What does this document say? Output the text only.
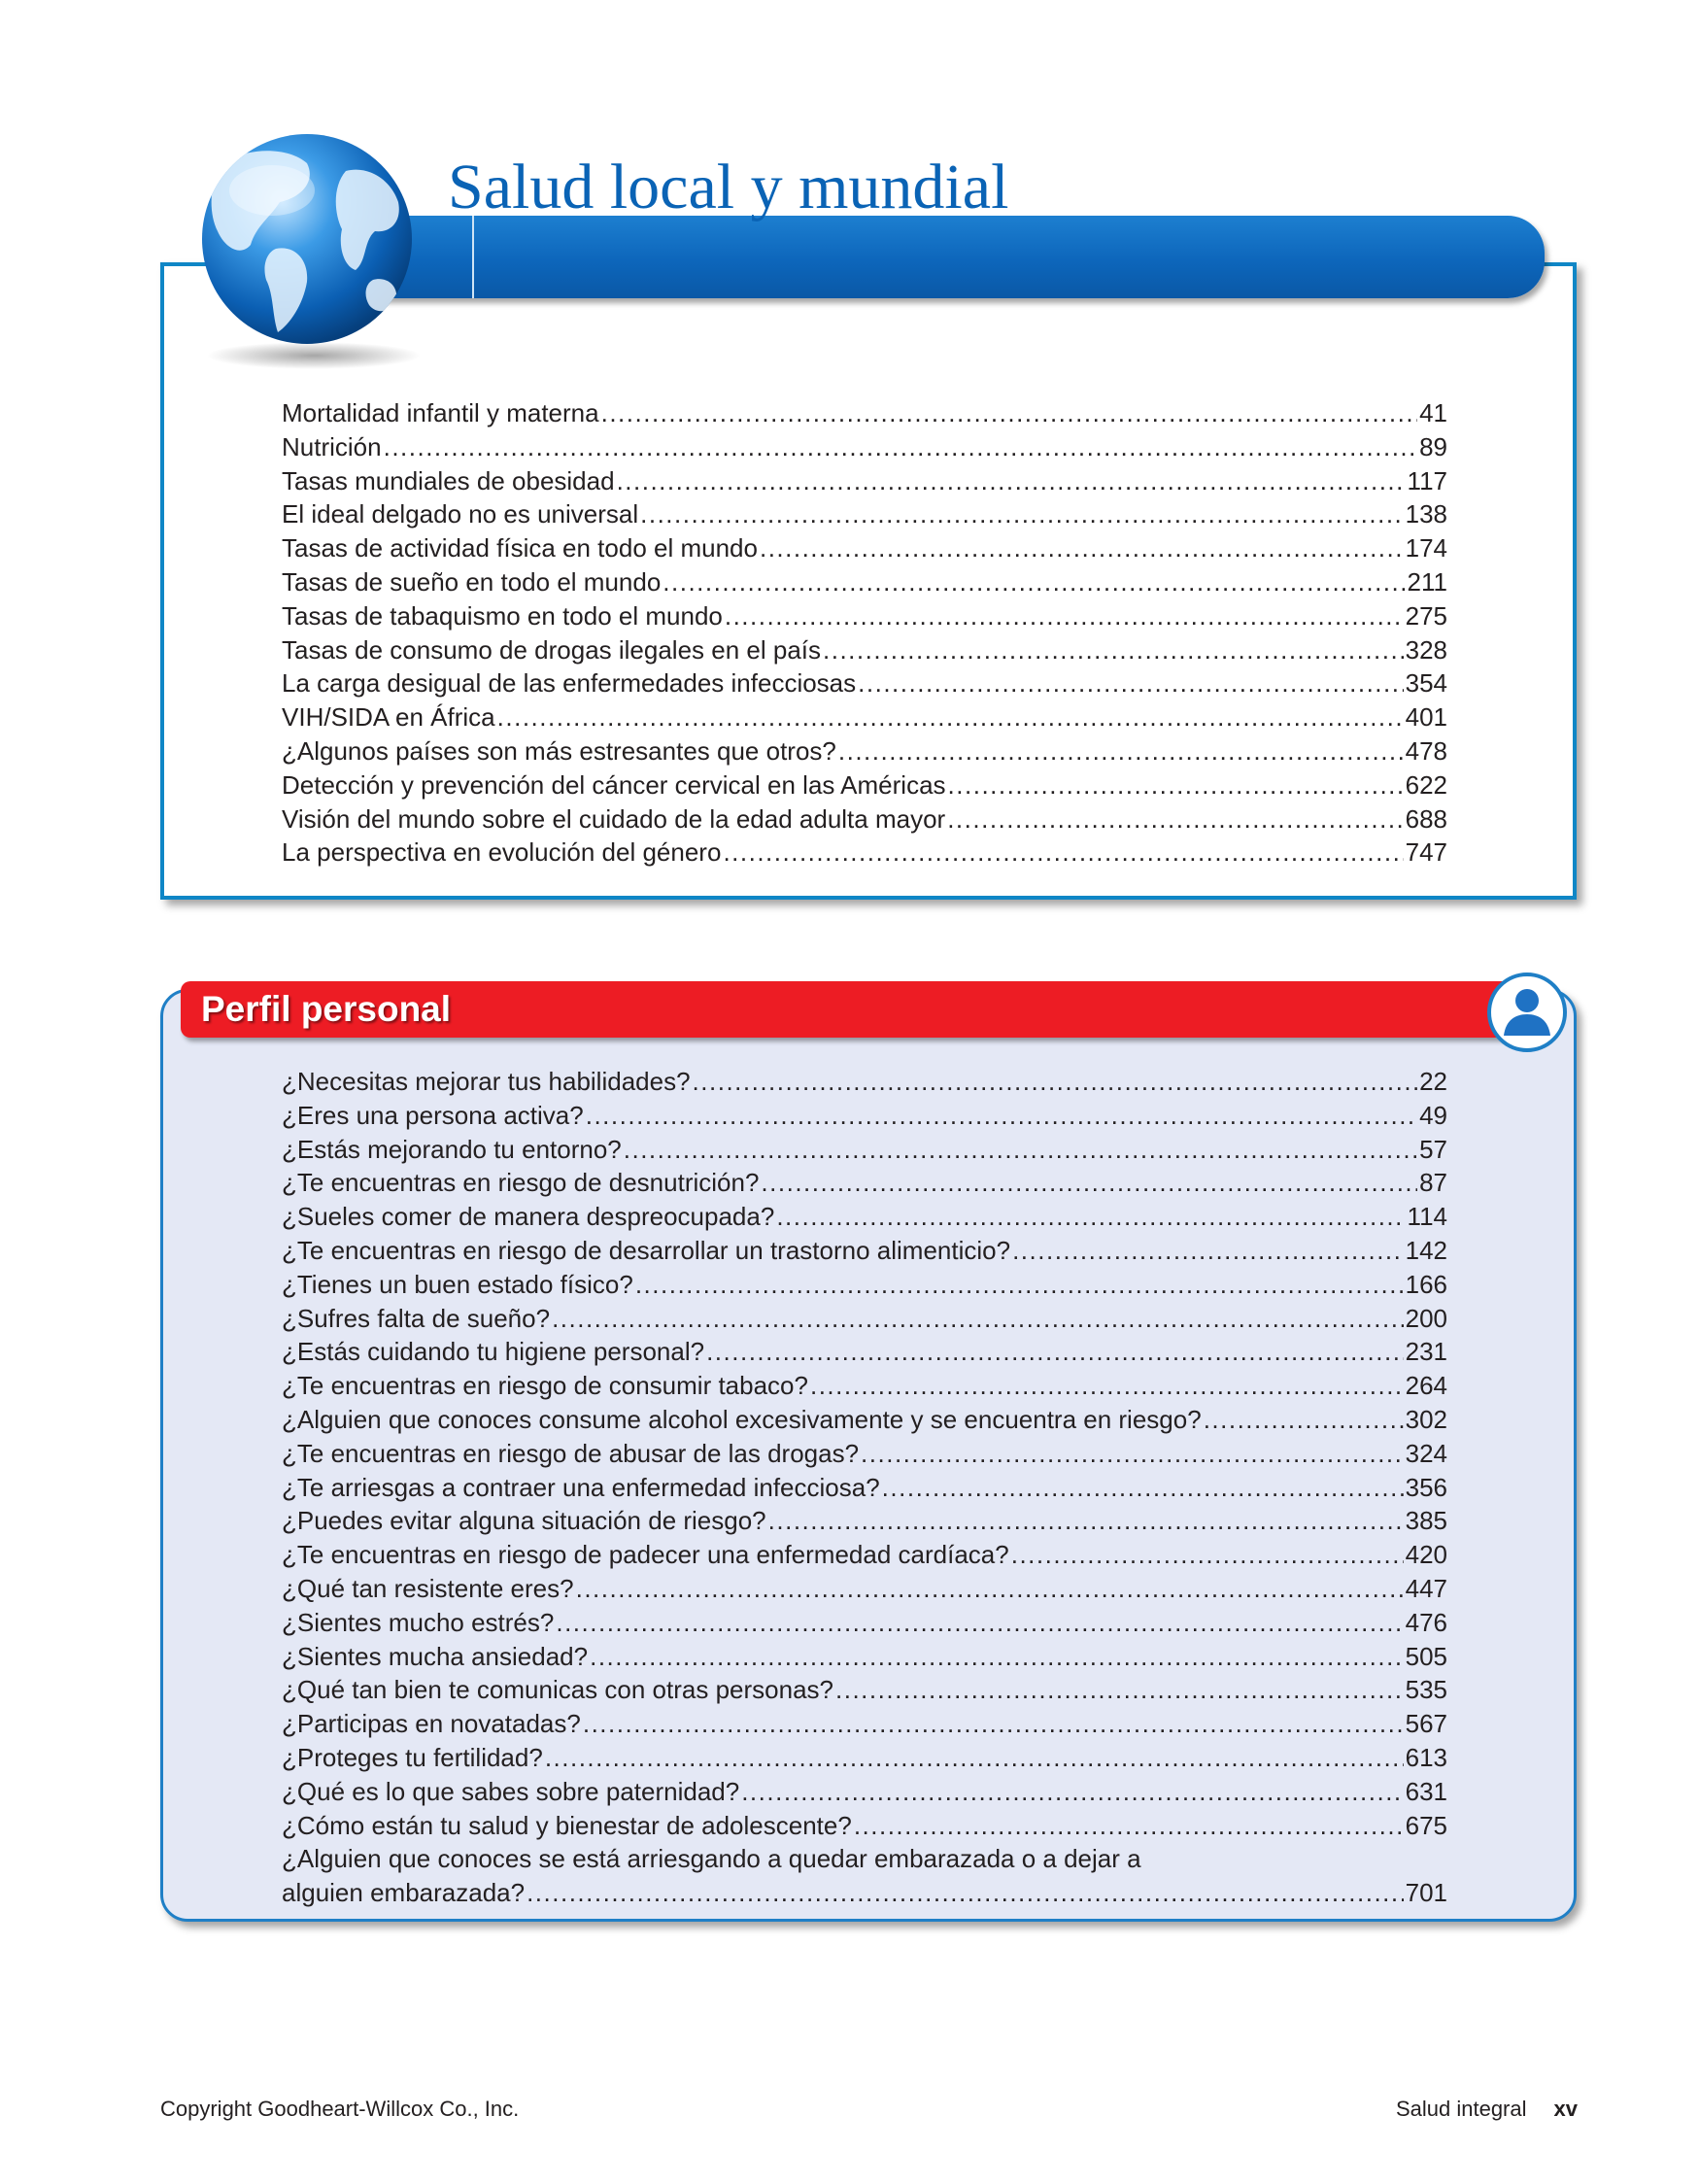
Salud local y mundial
Mortalidad infantil y materna .....	41
Nutrición .....	89
Tasas mundiales de obesidad .....	117
El ideal delgado no es universal .....	138
Tasas de actividad física en todo el mundo .....	174
Tasas de sueño en todo el mundo .....	211
Tasas de tabaquismo en todo el mundo .....	275
Tasas de consumo de drogas ilegales en el país .....	328
La carga desigual de las enfermedades infecciosas .....	354
VIH/SIDA en África .....	401
¿Algunos países son más estresantes que otros? .....	478
Detección y prevención del cáncer cervical en las Américas .....	622
Visión del mundo sobre el cuidado de la edad adulta mayor .....	688
La perspectiva en evolución del género .....	747
Perfil personal
¿Necesitas mejorar tus habilidades? .....	22
¿Eres una persona activa? .....	49
¿Estás mejorando tu entorno? .....	57
¿Te encuentras en riesgo de desnutrición? .....	87
¿Sueles comer de manera despreocupada? .....	114
¿Te encuentras en riesgo de desarrollar un trastorno alimenticio? .....	142
¿Tienes un buen estado físico? .....	166
¿Sufres falta de sueño? .....	200
¿Estás cuidando tu higiene personal? .....	231
¿Te encuentras en riesgo de consumir tabaco? .....	264
¿Alguien que conoces consume alcohol excesivamente y se encuentra en riesgo? .....	302
¿Te encuentras en riesgo de abusar de las drogas? .....	324
¿Te arriesgas a contraer una enfermedad infecciosa? .....	356
¿Puedes evitar alguna situación de riesgo? .....	385
¿Te encuentras en riesgo de padecer una enfermedad cardíaca? .....	420
¿Qué tan resistente eres? .....	447
¿Sientes mucho estrés? .....	476
¿Sientes mucha ansiedad? .....	505
¿Qué tan bien te comunicas con otras personas? .....	535
¿Participas en novatadas? .....	567
¿Proteges tu fertilidad? .....	613
¿Qué es lo que sabes sobre paternidad? .....	631
¿Cómo están tu salud y bienestar de adolescente? .....	675
¿Alguien que conoces se está arriesgando a quedar embarazada o a dejar a
alguien embarazada? .....	701
Copyright Goodheart-Willcox Co., Inc.	Salud integral xv
